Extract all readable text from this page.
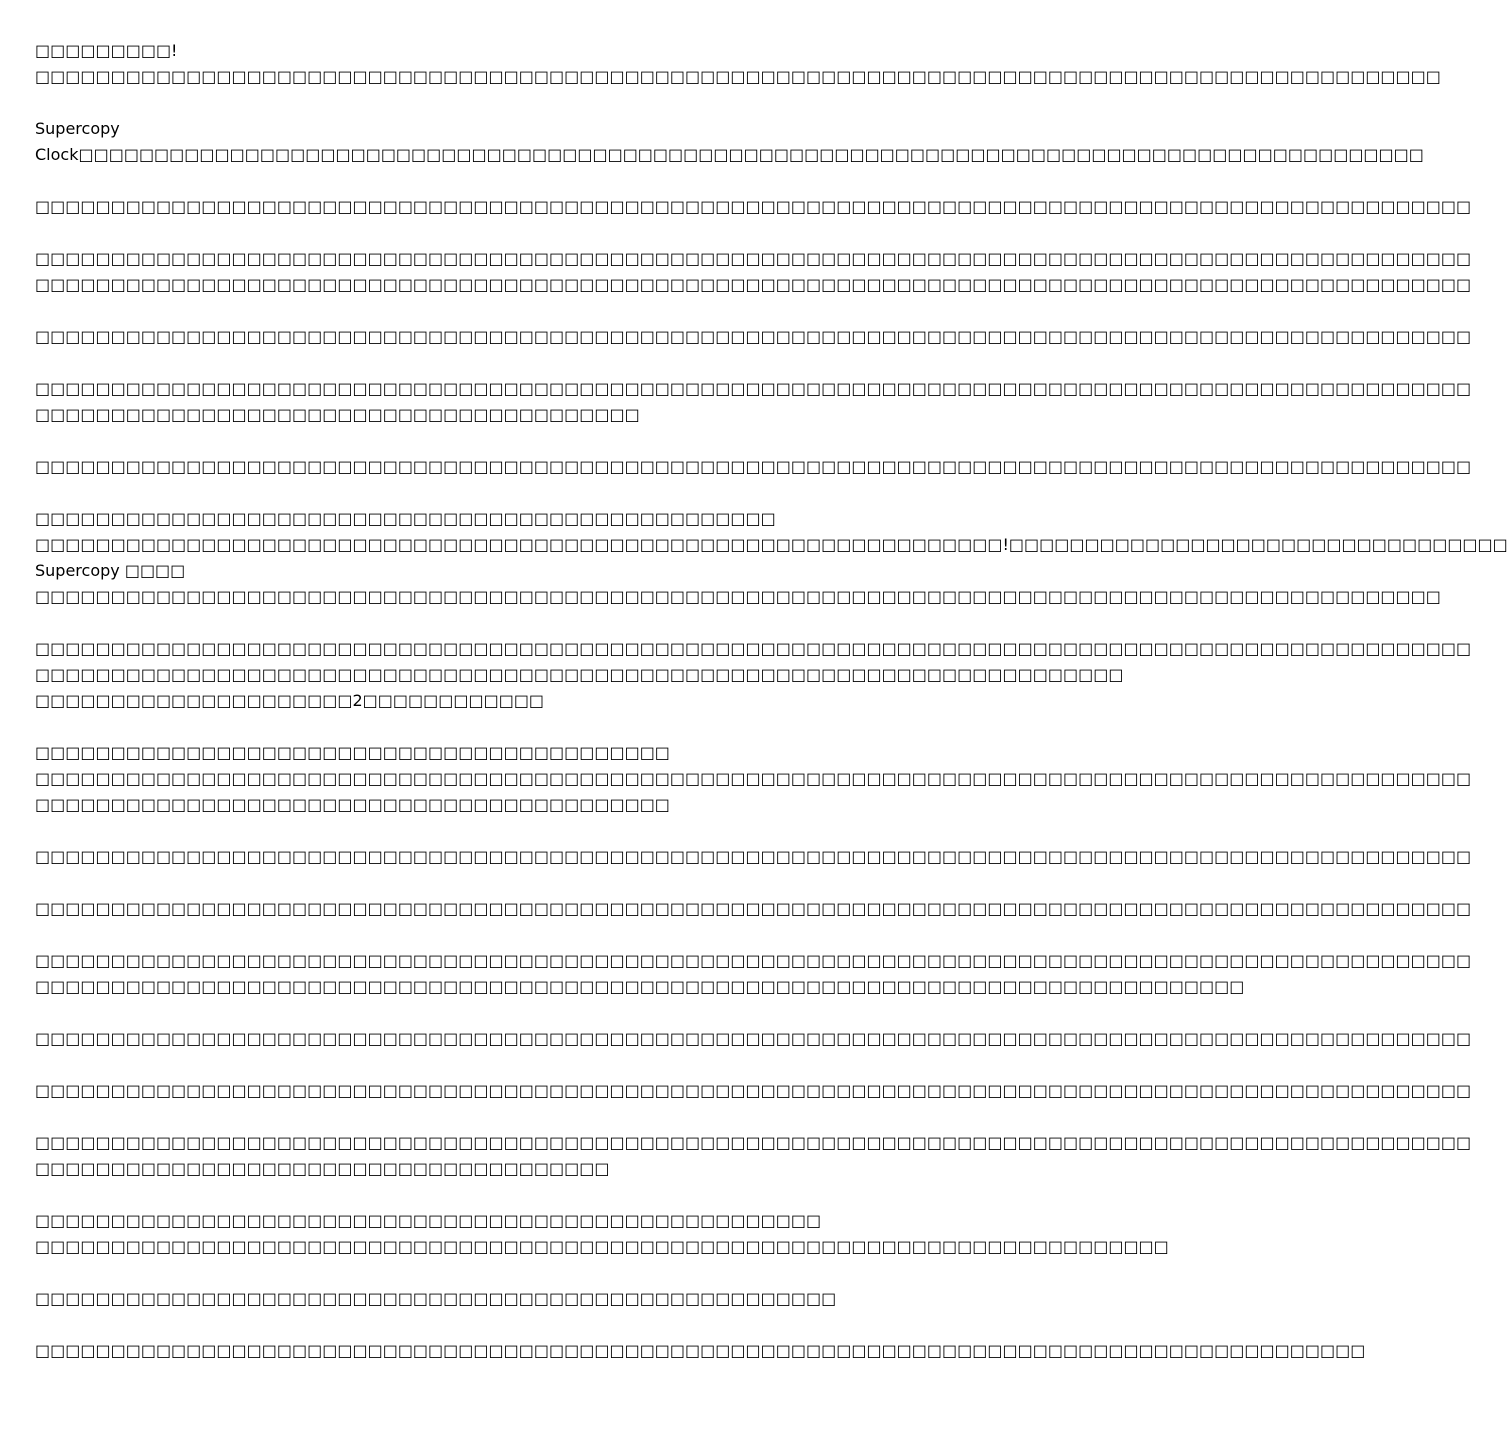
□□□□□□□□□!
□□□□□□□□□□□□□□□□□□□□□□□□□□□□□□□□□□□□□□□□□□□□□□□□□□□□□□□□□□□□□□□□□□□□□□□□□□□□□□□□□□□□□□□□□□□□□
Supercopy
Clock□□□□□□□□□□□□□□□□□□□□□□□□□□□□□□□□□□□□□□□□□□□□□□□□□□□□□□□□□□□□□□□□□□□□□□□□□□□□□□□□□□□□□□□□□
□□□□□□□□□□□□□□□□□□□□□□□□□□□□□□□□□□□□□□□□□□□□□□□□□□□□□□□□□□□□□□□□□□□□□□□□□□□□□□□□□□□□□□□□□□□□□□□
□□□□□□□□□□□□□□□□□□□□□□□□□□□□□□□□□□□□□□□□□□□□□□□□□□□□□□□□□□□□□□□□□□□□□□□□□□□□□□□□□□□□□□□□□□□□□□□
□□□□□□□□□□□□□□□□□□□□□□□□□□□□□□□□□□□□□□□□□□□□□□□□□□□□□□□□□□□□□□□□□□□□□□□□□□□□□□□□□□□□□□□□□□□□□□□
□□□□□□□□□□□□□□□□□□□□□□□□□□□□□□□□□□□□□□□□□□□□□□□□□□□□□□□□□□□□□□□□□□□□□□□□□□□□□□□□□□□□□□□□□□□□□□□
□□□□□□□□□□□□□□□□□□□□□□□□□□□□□□□□□□□□□□□□□□□□□□□□□□□□□□□□□□□□□□□□□□□□□□□□□□□□□□□□□□□□□□□□□□□□□□□
□□□□□□□□□□□□□□□□□□□□□□□□□□□□□□□□□□□□□□□□
□□□□□□□□□□□□□□□□□□□□□□□□□□□□□□□□□□□□□□□□□□□□□□□□□□□□□□□□□□□□□□□□□□□□□□□□□□□□□□□□□□□□□□□□□□□□□□□
□□□□□□□□□□□□□□□□□□□□□□□□□□□□□□□□□□□□□□□□□□□□□□□□□
□□□□□□□□□□□□□□□□□□□□□□□□□□□□□□□□□□□□□□□□□□□□□□□□□□□□□□□□□□□□□□□□!□□□□□□□□□□□□□□□□□□□□□□□□□□□□□□□□□
Supercopy □□□□
□□□□□□□□□□□□□□□□□□□□□□□□□□□□□□□□□□□□□□□□□□□□□□□□□□□□□□□□□□□□□□□□□□□□□□□□□□□□□□□□□□□□□□□□□□□□□
□□□□□□□□□□□□□□□□□□□□□□□□□□□□□□□□□□□□□□□□□□□□□□□□□□□□□□□□□□□□□□□□□□□□□□□□□□□□□□□□□□□□□□□□□□□□□□□
□□□□□□□□□□□□□□□□□□□□□□□□□□□□□□□□□□□□□□□□□□□□□□□□□□□□□□□□□□□□□□□□□□□□□□□□
□□□□□□□□□□□□□□□□□□□□□2□□□□□□□□□□□□
□□□□□□□□□□□□□□□□□□□□□□□□□□□□□□□□□□□□□□□□□□
□□□□□□□□□□□□□□□□□□□□□□□□□□□□□□□□□□□□□□□□□□□□□□□□□□□□□□□□□□□□□□□□□□□□□□□□□□□□□□□□□□□□□□□□□□□□□□□
□□□□□□□□□□□□□□□□□□□□□□□□□□□□□□□□□□□□□□□□□□
□□□□□□□□□□□□□□□□□□□□□□□□□□□□□□□□□□□□□□□□□□□□□□□□□□□□□□□□□□□□□□□□□□□□□□□□□□□□□□□□□□□□□□□□□□□□□□□
□□□□□□□□□□□□□□□□□□□□□□□□□□□□□□□□□□□□□□□□□□□□□□□□□□□□□□□□□□□□□□□□□□□□□□□□□□□□□□□□□□□□□□□□□□□□□□□
□□□□□□□□□□□□□□□□□□□□□□□□□□□□□□□□□□□□□□□□□□□□□□□□□□□□□□□□□□□□□□□□□□□□□□□□□□□□□□□□□□□□□□□□□□□□□□□
□□□□□□□□□□□□□□□□□□□□□□□□□□□□□□□□□□□□□□□□□□□□□□□□□□□□□□□□□□□□□□□□□□□□□□□□□□□□□□□□
□□□□□□□□□□□□□□□□□□□□□□□□□□□□□□□□□□□□□□□□□□□□□□□□□□□□□□□□□□□□□□□□□□□□□□□□□□□□□□□□□□□□□□□□□□□□□□□
□□□□□□□□□□□□□□□□□□□□□□□□□□□□□□□□□□□□□□□□□□□□□□□□□□□□□□□□□□□□□□□□□□□□□□□□□□□□□□□□□□□□□□□□□□□□□□□
□□□□□□□□□□□□□□□□□□□□□□□□□□□□□□□□□□□□□□□□□□□□□□□□□□□□□□□□□□□□□□□□□□□□□□□□□□□□□□□□□□□□□□□□□□□□□□□
□□□□□□□□□□□□□□□□□□□□□□□□□□□□□□□□□□□□□□
□□□□□□□□□□□□□□□□□□□□□□□□□□□□□□□□□□□□□□□□□□□□□□□□□□□□
□□□□□□□□□□□□□□□□□□□□□□□□□□□□□□□□□□□□□□□□□□□□□□□□□□□□□□□□□□□□□□□□□□□□□□□□□□□
□□□□□□□□□□□□□□□□□□□□□□□□□□□□□□□□□□□□□□□□□□□□□□□□□□□□□
□□□□□□□□□□□□□□□□□□□□□□□□□□□□□□□□□□□□□□□□□□□□□□□□□□□□□□□□□□□□□□□□□□□□□□□□□□□□□□□□□□□□□□□□
